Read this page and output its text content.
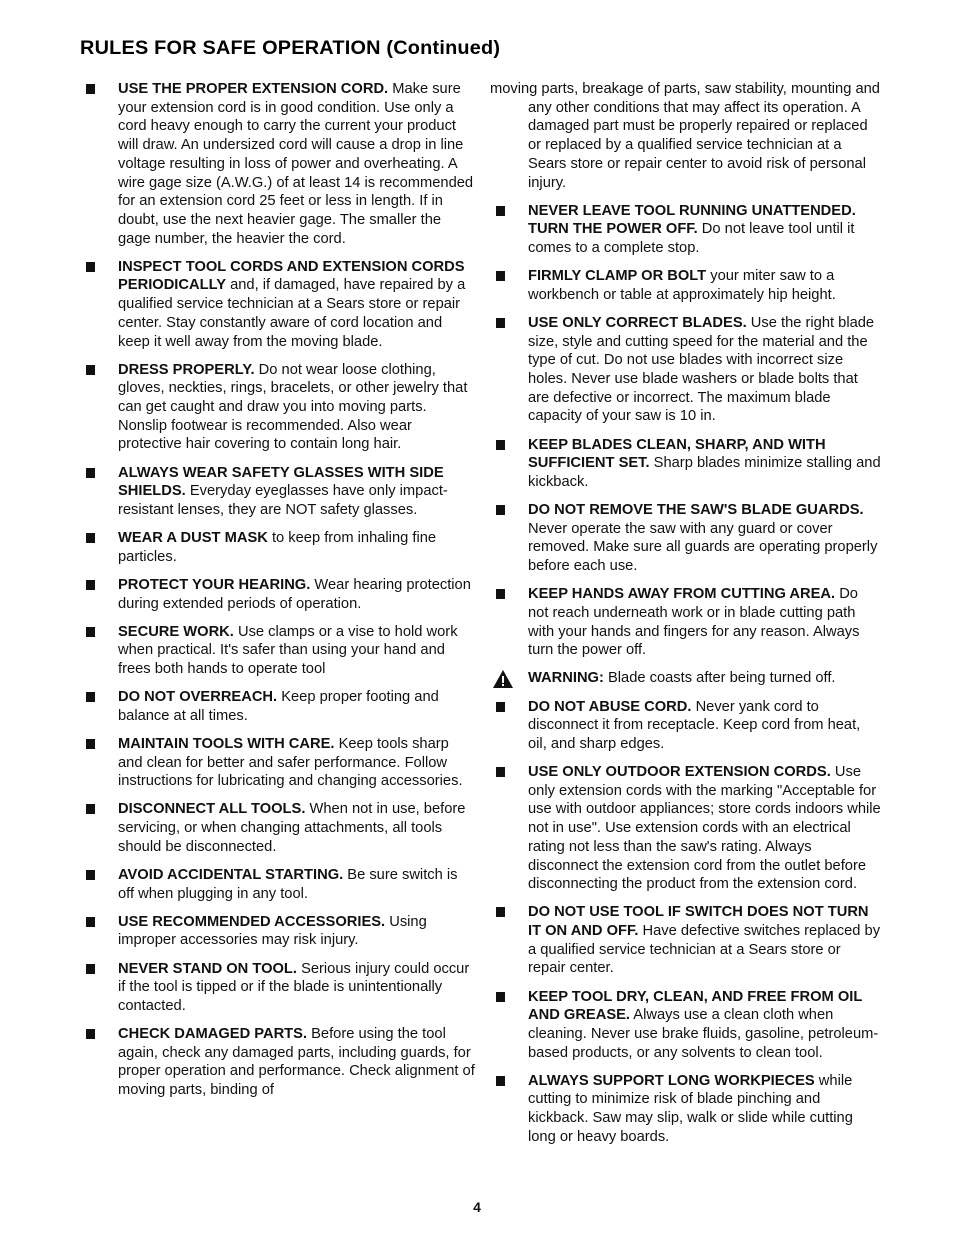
RULES FOR SAFE OPERATION (Continued)
USE THE PROPER EXTENSION CORD. Make sure your extension cord is in good condition. Use only a cord heavy enough to carry the current your product will draw. An undersized cord will cause a drop in line voltage resulting in loss of power and overheating. A wire gage size (A.W.G.) of at least 14 is recommended for an extension cord 25 feet or less in length. If in doubt, use the next heavier gage. The smaller the gage number, the heavier the cord.
INSPECT TOOL CORDS AND EXTENSION CORDS PERIODICALLY and, if damaged, have repaired by a qualified service technician at a Sears store or repair center. Stay constantly aware of cord location and keep it well away from the moving blade.
DRESS PROPERLY. Do not wear loose clothing, gloves, neckties, rings, bracelets, or other jewelry that can get caught and draw you into moving parts. Nonslip footwear is recommended. Also wear protective hair covering to contain long hair.
ALWAYS WEAR SAFETY GLASSES WITH SIDE SHIELDS. Everyday eyeglasses have only impact-resistant lenses, they are NOT safety glasses.
WEAR A DUST MASK to keep from inhaling fine particles.
PROTECT YOUR HEARING. Wear hearing protection during extended periods of operation.
SECURE WORK. Use clamps or a vise to hold work when practical. It's safer than using your hand and frees both hands to operate tool
DO NOT OVERREACH. Keep proper footing and balance at all times.
MAINTAIN TOOLS WITH CARE. Keep tools sharp and clean for better and safer performance. Follow instructions for lubricating and changing accessories.
DISCONNECT ALL TOOLS. When not in use, before servicing, or when changing attachments, all tools should be disconnected.
AVOID ACCIDENTAL STARTING. Be sure switch is off when plugging in any tool.
USE RECOMMENDED ACCESSORIES. Using improper accessories may risk injury.
NEVER STAND ON TOOL. Serious injury could occur if the tool is tipped or if the blade is unintentionally contacted.
CHECK DAMAGED PARTS. Before using the tool again, check any damaged parts, including guards, for proper operation and performance. Check alignment of moving parts, binding of
moving parts, breakage of parts, saw stability, mounting and any other conditions that may affect its operation. A damaged part must be properly repaired or replaced or replaced by a qualified service technician at a Sears store or repair center to avoid risk of personal injury.
NEVER LEAVE TOOL RUNNING UNATTENDED. TURN THE POWER OFF. Do not leave tool until it comes to a complete stop.
FIRMLY CLAMP OR BOLT your miter saw to a workbench or table at approximately hip height.
USE ONLY CORRECT BLADES. Use the right blade size, style and cutting speed for the material and the type of cut. Do not use blades with incorrect size holes. Never use blade washers or blade bolts that are defective or incorrect. The maximum blade capacity of your saw is 10 in.
KEEP BLADES CLEAN, SHARP, AND WITH SUFFICIENT SET. Sharp blades minimize stalling and kickback.
DO NOT REMOVE THE SAW'S BLADE GUARDS. Never operate the saw with any guard or cover removed. Make sure all guards are operating properly before each use.
KEEP HANDS AWAY FROM CUTTING AREA. Do not reach underneath work or in blade cutting path with your hands and fingers for any reason. Always turn the power off.
WARNING: Blade coasts after being turned off.
DO NOT ABUSE CORD. Never yank cord to disconnect it from receptacle. Keep cord from heat, oil, and sharp edges.
USE ONLY OUTDOOR EXTENSION CORDS. Use only extension cords with the marking "Acceptable for use with outdoor appliances; store cords indoors while not in use". Use extension cords with an electrical rating not less than the saw's rating. Always disconnect the extension cord from the outlet before disconnecting the product from the extension cord.
DO NOT USE TOOL IF SWITCH DOES NOT TURN IT ON AND OFF. Have defective switches replaced by a qualified service technician at a Sears store or repair center.
KEEP TOOL DRY, CLEAN, AND FREE FROM OIL AND GREASE. Always use a clean cloth when cleaning. Never use brake fluids, gasoline, petroleum-based products, or any solvents to clean tool.
ALWAYS SUPPORT LONG WORKPIECES while cutting to minimize risk of blade pinching and kickback. Saw may slip, walk or slide while cutting long or heavy boards.
4
